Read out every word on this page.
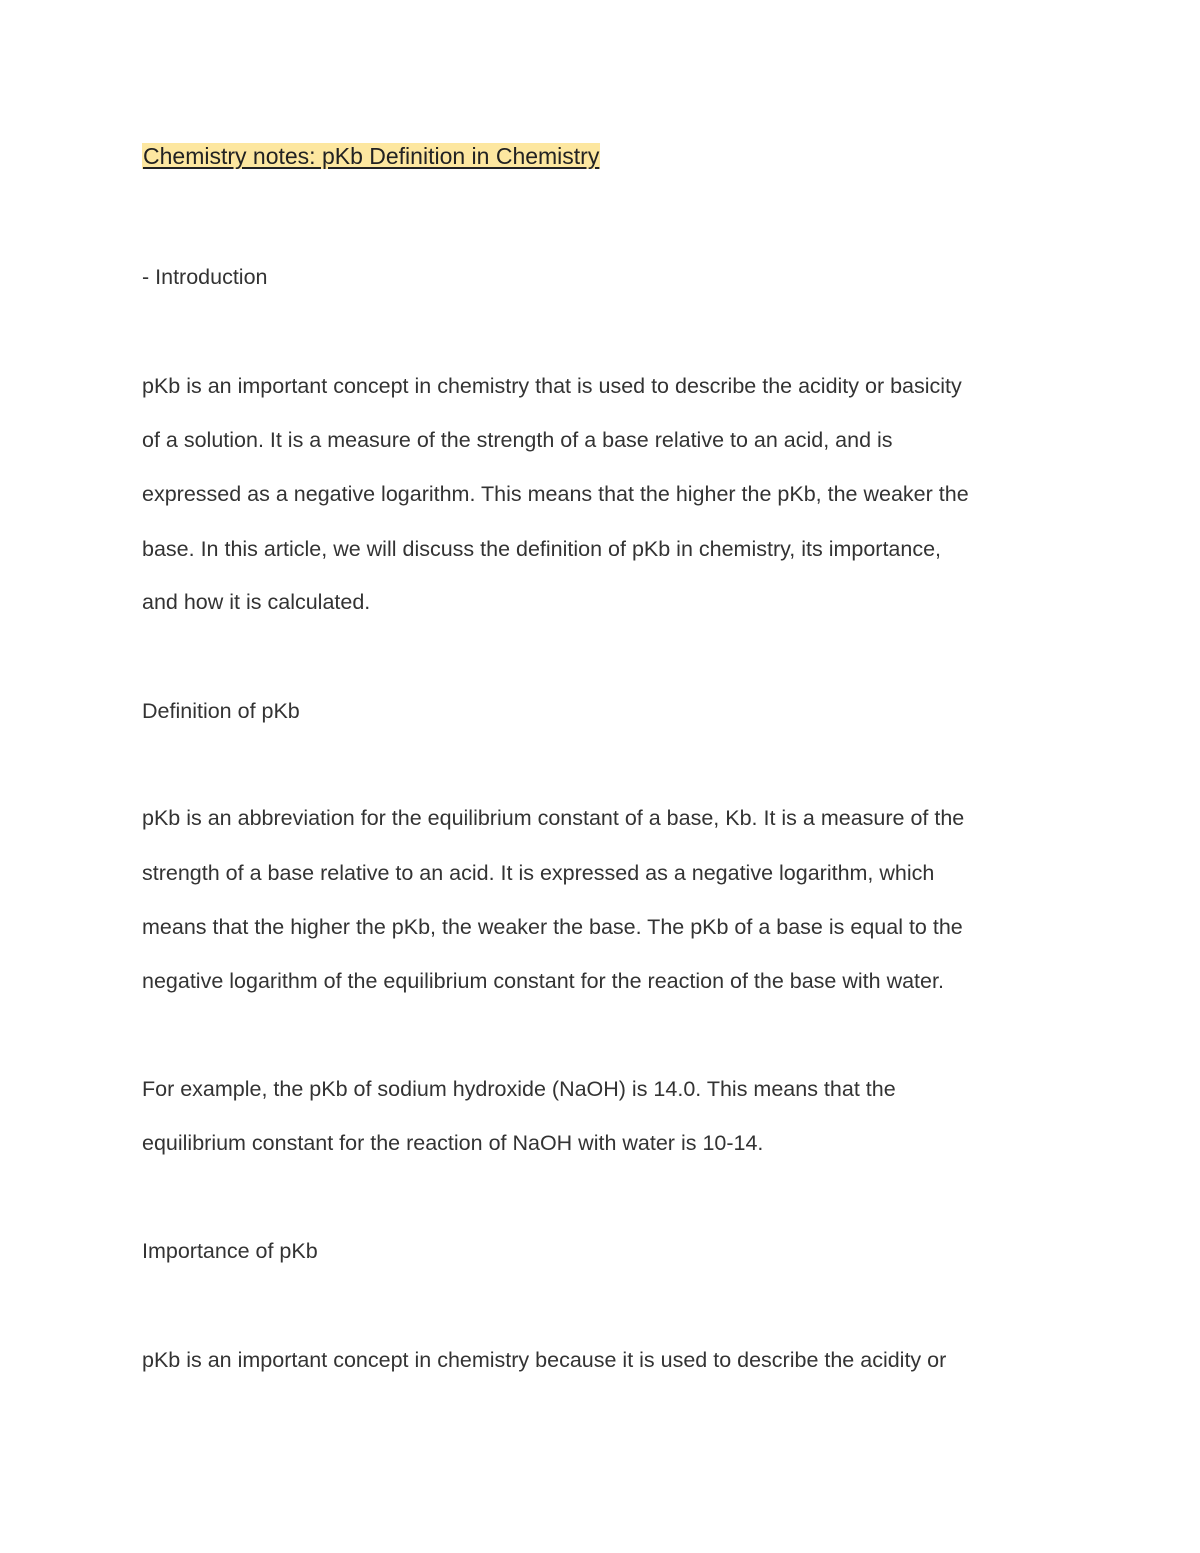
Chemistry notes: pKb Definition in Chemistry

- Introduction

pKb is an important concept in chemistry that is used to describe the acidity or basicity

of a solution. It is a measure of the strength of a base relative to an acid, and is

expressed as a negative logarithm. This means that the higher the pKb, the weaker the

base. In this article, we will discuss the definition of pKb in chemistry, its importance,

and how it is calculated.

Definition of pKb

pKb is an abbreviation for the equilibrium constant of a base, Kb. It is a measure of the

strength of a base relative to an acid. It is expressed as a negative logarithm, which

means that the higher the pKb, the weaker the base. The pKb of a base is equal to the

negative logarithm of the equilibrium constant for the reaction of the base with water.

For example, the pKb of sodium hydroxide (NaOH) is 14.0. This means that the

equilibrium constant for the reaction of NaOH with water is 10-14.

Importance of pKb

pKb is an important concept in chemistry because it is used to describe the acidity or
